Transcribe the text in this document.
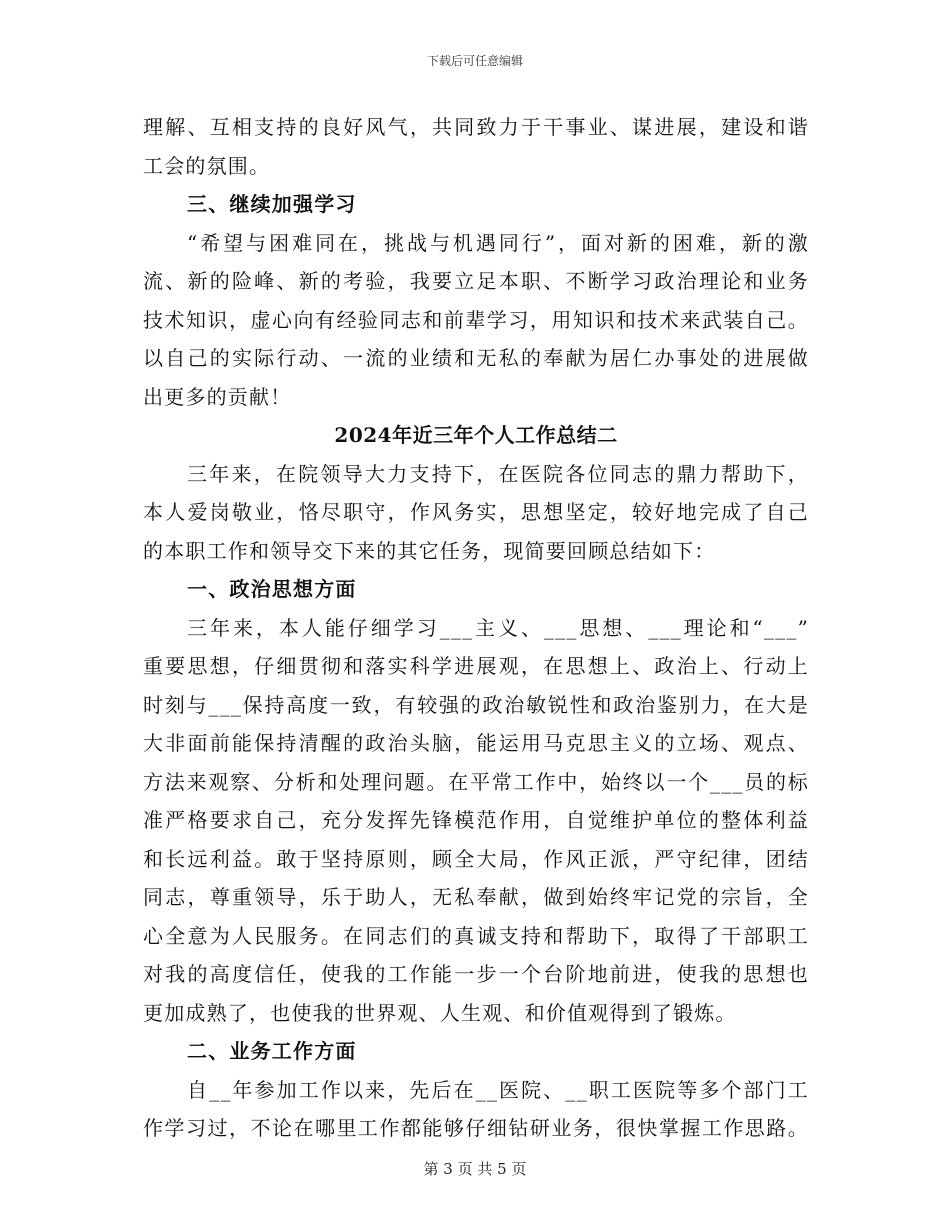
下载后可任意编辑
理解、互相支持的良好风气，共同致力于干事业、谋进展，建设和谐
工会的氛围。
三、继续加强学习
“希望与困难同在，挑战与机遇同行”，面对新的困难，新的激
流、新的险峰、新的考验，我要立足本职、不断学习政治理论和业务
技术知识，虚心向有经验同志和前辈学习，用知识和技术来武装自己。
以自己的实际行动、一流的业绩和无私的奉献为居仁办事处的进展做
出更多的贡献！
2024年近三年个人工作总结二
三年来，在院领导大力支持下，在医院各位同志的鼎力帮助下，
本人爱岗敬业，恪尽职守，作风务实，思想坚定，较好地完成了自己
的本职工作和领导交下来的其它任务，现简要回顾总结如下：
一、政治思想方面
三年来，本人能仔细学习___主义、___思想、___理论和“___”
重要思想，仔细贯彻和落实科学进展观，在思想上、政治上、行动上
时刻与___保持高度一致，有较强的政治敏锐性和政治鉴别力，在大是
大非面前能保持清醒的政治头脑，能运用马克思主义的立场、观点、
方法来观察、分析和处理问题。在平常工作中，始终以一个___员的标
准严格要求自己，充分发挥先锋模范作用，自觉维护单位的整体利益
和长远利益。敢于坚持原则，顾全大局，作风正派，严守纪律，团结
同志，尊重领导，乐于助人，无私奉献，做到始终牢记党的宗旨，全
心全意为人民服务。在同志们的真诚支持和帮助下，取得了干部职工
对我的高度信任，使我的工作能一步一个台阶地前进，使我的思想也
更加成熟了，也使我的世界观、人生观、和价值观得到了锻炼。
二、业务工作方面
自__年参加工作以来，先后在__医院、__职工医院等多个部门工
作学习过，不论在哪里工作都能够仔细钻研业务，很快掌握工作思路。
第 3 页 共 5 页
